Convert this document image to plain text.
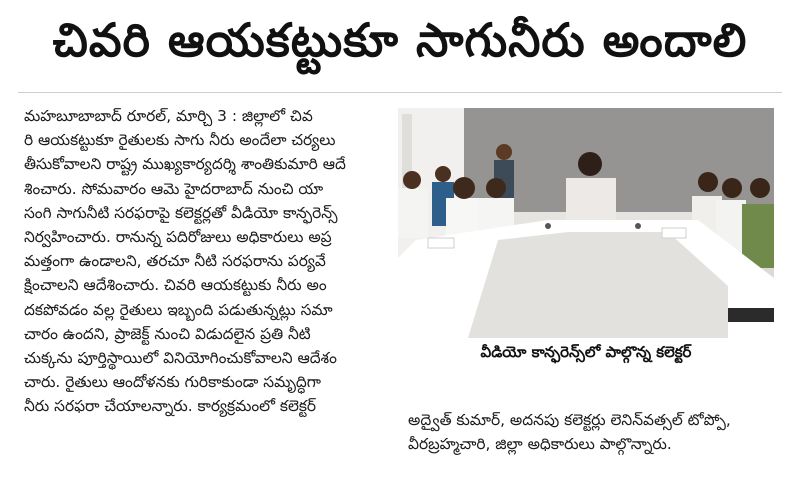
చివరి ఆయకట్టుకూ సాగునీరు అందాలి
మహబూబాబాద్‌ రూరల్‌, మార్చి 3 : జిల్లాలో చివ
రి ఆయకట్టుకూ రైతులకు సాగు నీరు అందేలా చర్యలు
తీసుకోవాలని రాష్ట్ర ముఖ్యకార్యదర్శి శాంతికుమారి ఆదే
శించారు. సోమవారం ఆమె హైదరాబాద్‌ నుంచి యా
సంగి సాగునీటి సరఫరాపై కలెక్టర్లతో వీడియో కాన్ఫరెన్స్‌
నిర్వహించారు. రానున్న పదిరోజులు అధికారులు అప్ర
మత్తంగా ఉండాలని, తరచూ నీటి సరఫరాను పర్యవే
క్షించాలని ఆదేశించారు. చివరి ఆయకట్టుకు నీరు అం
దకపోవడం వల్ల రైతులు ఇబ్బంది పడుతున్నట్లు సమా
చారం ఉందని, ప్రాజెక్ట్‌ నుంచి విడుదలైన ప్రతి నీటి
చుక్కను పూర్తిస్థాయిలో వినియోగించుకోవాలని ఆదేశం
చారు. రైతులు ఆందోళనకు గురికాకుండా సమృద్ధిగా
నీరు సరఫరా చేయాలన్నారు. కార్యక్రమంలో కలెక్టర్‌
వీడియో కాన్ఫరెన్స్‌లో పాల్గొన్న కలెక్టర్‌
అద్వైత్‌ కుమార్‌, అదనపు కలెక్టర్లు లెనిన్‌వత్సల్‌ టోప్పో,
వీరబ్రహ్మచారి, జిల్లా అధికారులు పాల్గొన్నారు.
